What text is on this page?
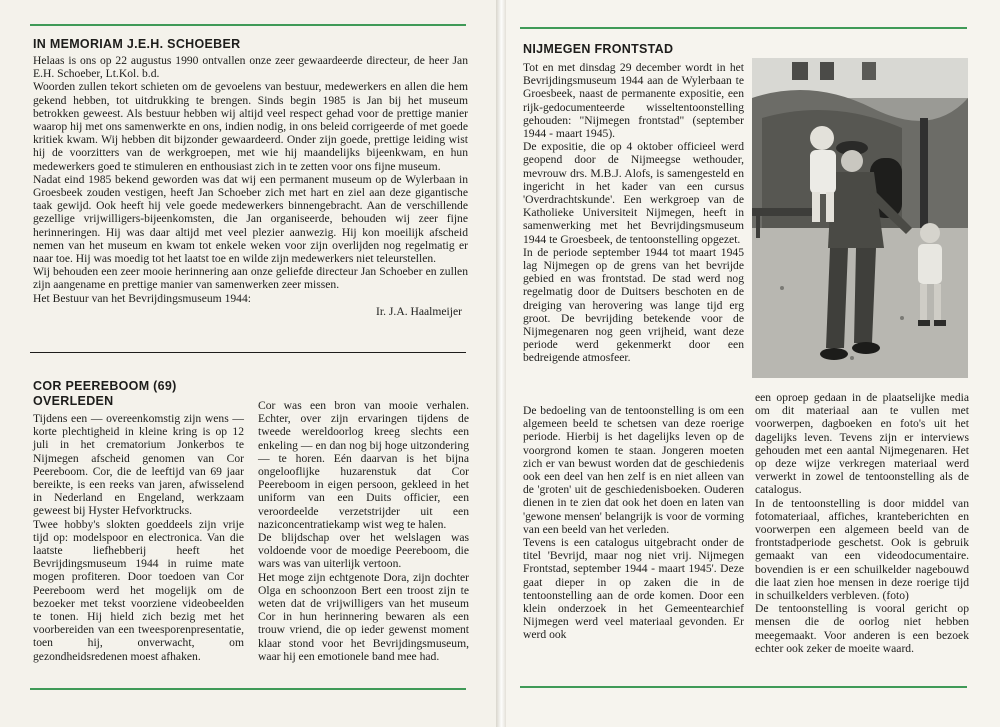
IN MEMORIAM J.E.H. SCHOEBER

Helaas is ons op 22 augustus 1990 ontvallen onze zeer gewaardeerde directeur, de heer Jan E.H. Schoeber, Lt.Kol. b.d.

Woorden zullen tekort schieten om de gevoelens van bestuur, medewerkers en allen die hem gekend hebben, tot uitdrukking te brengen. Sinds begin 1985 is Jan bij het museum betrokken geweest. Als bestuur hebben wij altijd veel respect gehad voor de prettige manier waarop hij met ons samenwerkte en ons, indien nodig, in ons beleid corrigeerde of met goede kritiek kwam. Wij hebben dit bijzonder gewaardeerd. Onder zijn goede, prettige leiding wist hij de voorzitters van de werkgroepen, met wie hij maandelijks bijeenkwam, en hun medewerkers goed te stimuleren en enthousiast zich in te zetten voor ons fijne museum.

Nadat eind 1985 bekend geworden was dat wij een permanent museum op de Wylerbaan in Groesbeek zouden vestigen, heeft Jan Schoeber zich met hart en ziel aan deze gigantische taak gewijd. Ook heeft hij vele goede medewerkers binnengebracht. Aan de verschillende gezellige vrijwilligers-bijeenkomsten, die Jan organiseerde, behouden wij zeer fijne herinneringen. Hij was daar altijd met veel plezier aanwezig. Hij kon moeilijk afscheid nemen van het museum en kwam tot enkele weken voor zijn overlijden nog regelmatig er naar toe. Hij was moedig tot het laatst toe en wilde zijn medewerkers niet teleurstellen.

Wij behouden een zeer mooie herinnering aan onze geliefde directeur Jan Schoeber en zullen zijn aangename en prettige manier van samenwerken zeer missen.

Het Bestuur van het Bevrijdingsmuseum 1944:

Ir. J.A. Haalmeijer

COR PEEREBOOM (69)
OVERLEDEN

Tijdens een — overeenkomstig zijn wens — korte plechtigheid in kleine kring is op 12 juli in het crematorium Jonkerbos te Nijmegen afscheid genomen van Cor Peereboom. Cor, die de leeftijd van 69 jaar bereikte, is een reeks van jaren, afwisselend in Nederland en Engeland, werkzaam geweest bij Hyster Hefvorktrucks.

Twee hobby's slokten goeddeels zijn vrije tijd op: modelspoor en electronica. Van die laatste liefhebberij heeft het Bevrijdingsmuseum 1944 in ruime mate mogen profiteren. Door toedoen van Cor Peereboom werd het mogelijk om de bezoeker met tekst voorziene videobeelden te tonen. Hij hield zich bezig met het voorbereiden van een tweesporenpresentatie, toen hij, onverwacht, om gezondheidsredenen moest afhaken.

Cor was een bron van mooie verhalen. Echter, over zijn ervaringen tijdens de tweede wereldoorlog kreeg slechts een enkeling — en dan nog bij hoge uitzondering — te horen. Eén daarvan is het bijna ongelooflijke huzarenstuk dat Cor Peereboom in eigen persoon, gekleed in het uniform van een Duits officier, een veroordeelde verzetstrijder uit een naziconcentratiekamp wist weg te halen.

De blijdschap over het welslagen was voldoende voor de moedige Peereboom, die wars was van uiterlijk vertoon.

Het moge zijn echtgenote Dora, zijn dochter Olga en schoonzoon Bert een troost zijn te weten dat de vrijwilligers van het museum Cor in hun herinnering bewaren als een trouw vriend, die op ieder gewenst moment klaar stond voor het Bevrijdingsmuseum, waar hij een emotionele band mee had.

NIJMEGEN FRONTSTAD

Tot en met dinsdag 29 december wordt in het Bevrijdingsmuseum 1944 aan de Wylerbaan te Groesbeek, naast de permanente expositie, een rijk-gedocumenteerde wisseltentoonstelling gehouden: "Nijmegen frontstad" (september 1944 - maart 1945).

De expositie, die op 4 oktober officieel werd geopend door de Nijmeegse wethouder, mevrouw drs. M.B.J. Alofs, is samengesteld en ingericht in het kader van een cursus 'Overdrachtskunde'. Een werkgroep van de Katholieke Universiteit Nijmegen, heeft in samenwerking met het Bevrijdingsmuseum 1944 te Groesbeek, de tentoonstelling opgezet.

In de periode september 1944 tot maart 1945 lag Nijmegen op de grens van het bevrijde gebied en was frontstad. De stad werd nog regelmatig door de Duitsers beschoten en de dreiging van herovering was lange tijd erg groot. De bevrijding betekende voor de Nijmegenaren nog geen vrijheid, want deze periode werd gekenmerkt door een bedreigende atmosfeer.

De bedoeling van de tentoonstelling is om een algemeen beeld te schetsen van deze roerige periode. Hierbij is het dagelijks leven op de voorgrond komen te staan. Jongeren moeten zich er van bewust worden dat de geschiedenis ook een deel van hen zelf is en niet alleen van de 'groten' uit de geschiedenisboeken. Ouderen dienen in te zien dat ook het doen en laten van 'gewone mensen' belangrijk is voor de vorming van een beeld van het verleden.

Tevens is een catalogus uitgebracht onder de titel 'Bevrijd, maar nog niet vrij. Nijmegen Frontstad, september 1944 - maart 1945'. Deze gaat dieper in op zaken die in de tentoonstelling aan de orde komen. Door een klein onderzoek in het Gemeentearchief Nijmegen werd veel materiaal gevonden. Er werd ook

een oproep gedaan in de plaatselijke media om dit materiaal aan te vullen met voorwerpen, dagboeken en foto's uit het dagelijks leven. Tevens zijn er interviews gehouden met een aantal Nijmegenaren. Het op deze wijze verkregen materiaal werd verwerkt in zowel de tentoonstelling als de catalogus.

In de tentoonstelling is door middel van fotomateriaal, affiches, kranteberichten en voorwerpen een algemeen beeld van de frontstadperiode geschetst. Ook is gebruik gemaakt van een videodocumentaire. bovendien is er een schuilkelder nagebouwd die laat zien hoe mensen in deze roerige tijd in schuilkelders verbleven. (foto)

De tentoonstelling is vooral gericht op mensen die de oorlog niet hebben meegemaakt. Voor anderen is een bezoek echter ook zeker de moeite waard.
